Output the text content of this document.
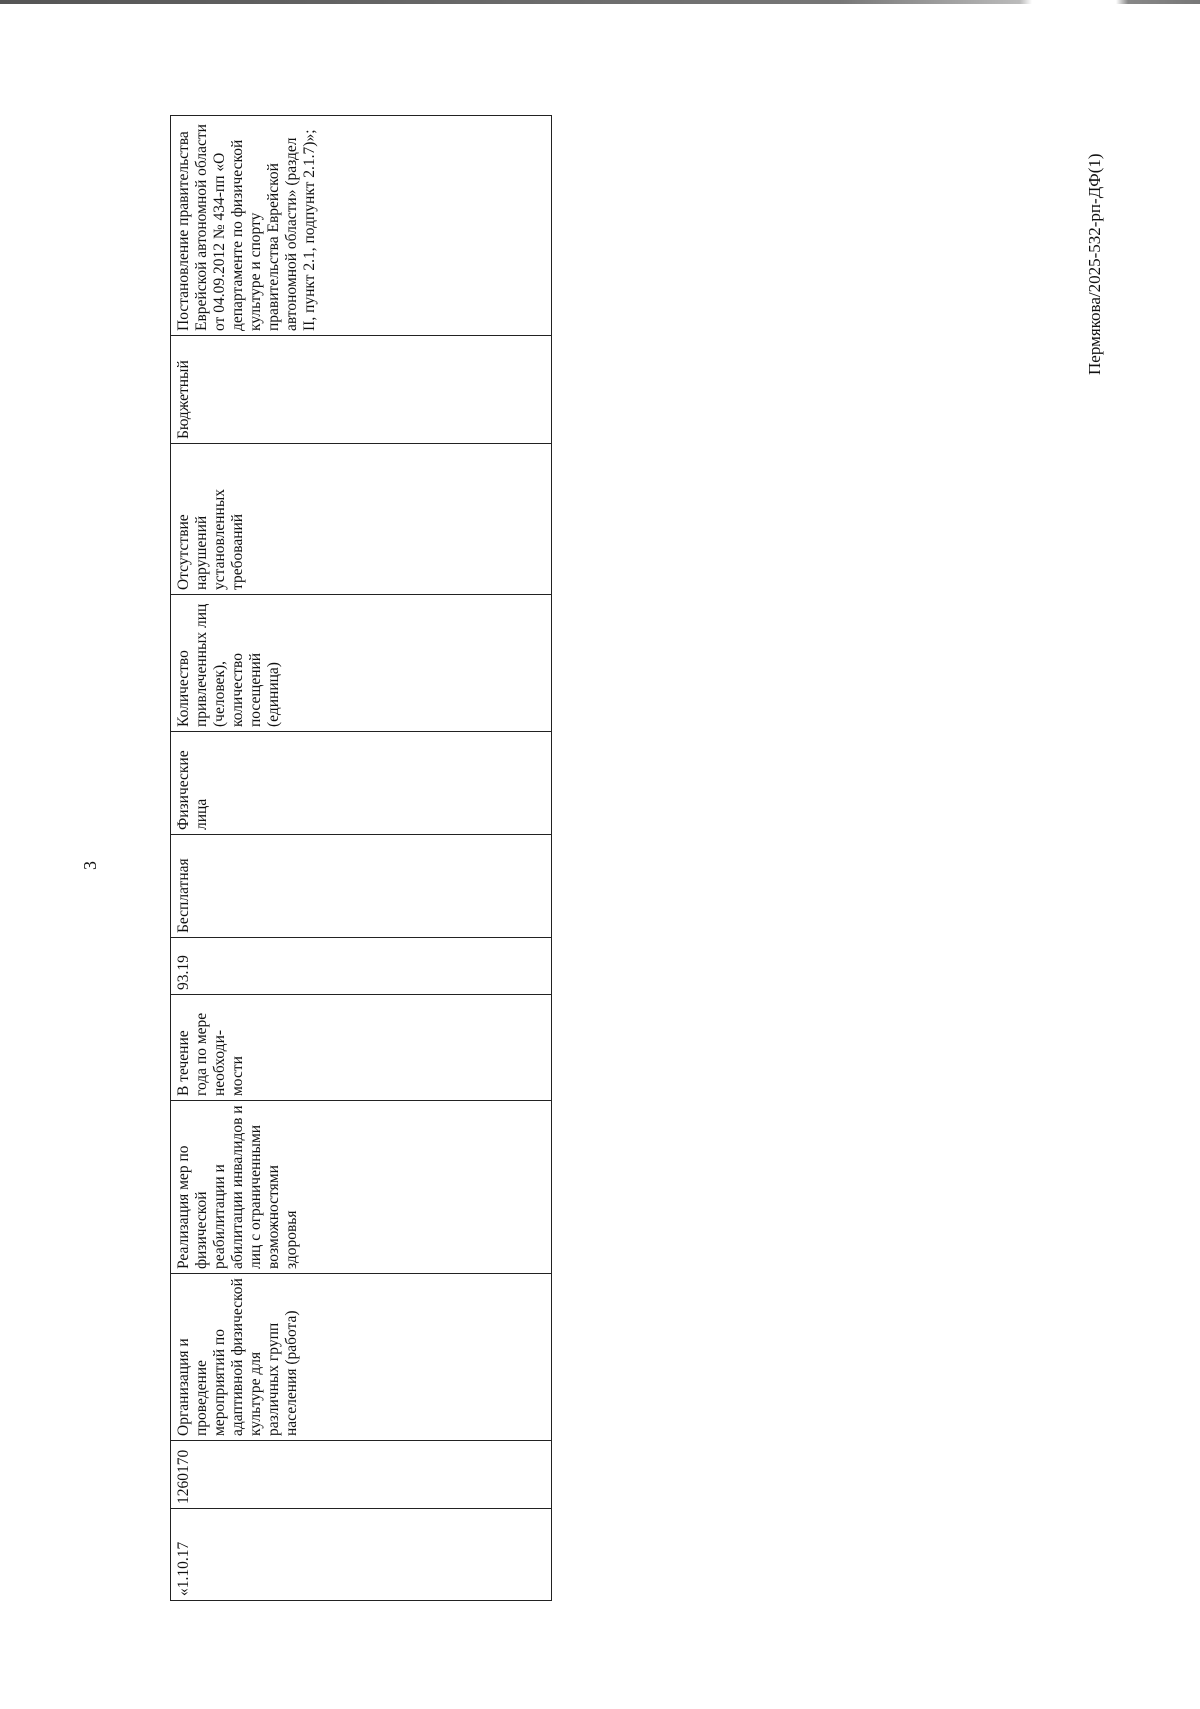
3
«1.10.17	1260170	Организация и проведение мероприятий по адаптивной физической культуре для различных групп населения (работа)	Реализация мер по физической реабилитации и абилитации инвалидов и лиц с ограниченными возможностями здоровья	В течение года по мере необходи-мости	93.19	Бесплатная	Физические лица	Количество привлеченных лиц (человек), количество посещений (единица)	Отсутствие нарушений установленных требований	Бюджетный	Постановление правительства Еврейской автономной области от 04.09.2012 № 434-пп «О департаменте по физической культуре и спорту правительства Еврейской автономной области» (раздел II, пункт 2.1, подпункт 2.1.7)»;	Пермякова/2025-532-рп-ДФ(1)
